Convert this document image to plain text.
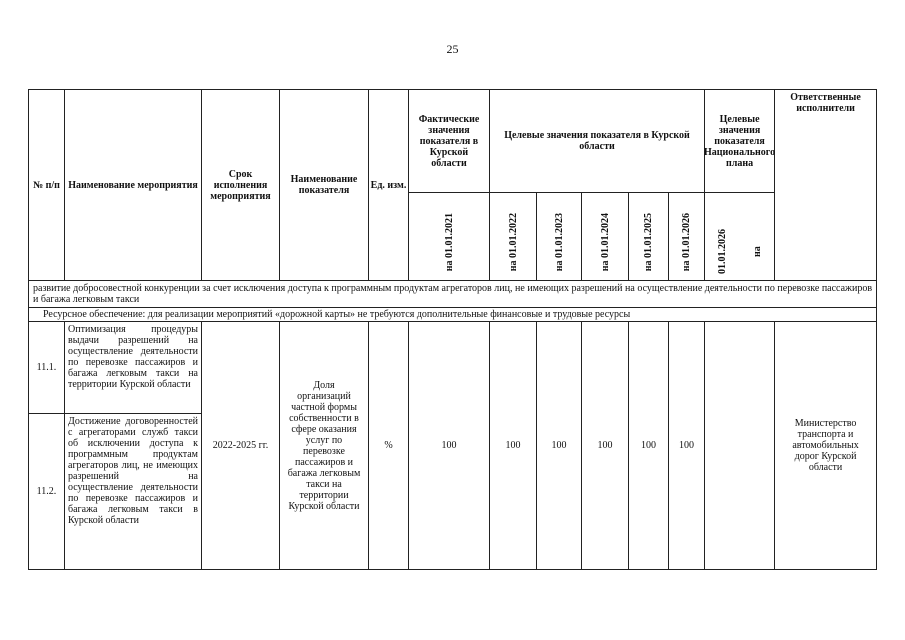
25
№ п/п	Наименование мероприятия	Срок исполнения мероприятия	Наименование показателя	Ед. изм.	Фактические значения показателя в Курской области	Целевые значения показателя в Курской области					Целевые значения показателя Национального плана	Ответственные исполнители

					на 01.01.2021	на 01.01.2022	на 01.01.2023	на 01.01.2024	на 01.01.2025	на 01.01.2026	01.01.2026 на	

развитие добросовестной конкуренции за счет исключения доступа к программным продуктам агрегаторов лиц, не имеющих разрешений на осуществление деятельности по перевозке пассажиров и багажа легковым такси												
Ресурсное обеспечение: для реализации мероприятий «дорожной карты» не требуются дополнительные финансовые и трудовые ресурсы												
11.1.	Оптимизация процедуры выдачи разрешений на осуществление деятельности по перевозке пассажиров и багажа легковым такси на территории Курской области	2022-2025 гг.	Доля организаций частной формы собственности в сфере оказания услуг по перевозке пассажиров и багажа легковым такси на территории Курской области	%	100	100	100	100	100	100		Министерство транспорта и автомобильных дорог Курской области
11.2.	Достижение договоренностей с агрегаторами служб такси об исключении доступа к программным продуктам агрегаторов лиц, не имеющих разрешений на осуществление деятельности по перевозке пассажиров и багажа легковым такси в Курской области											
